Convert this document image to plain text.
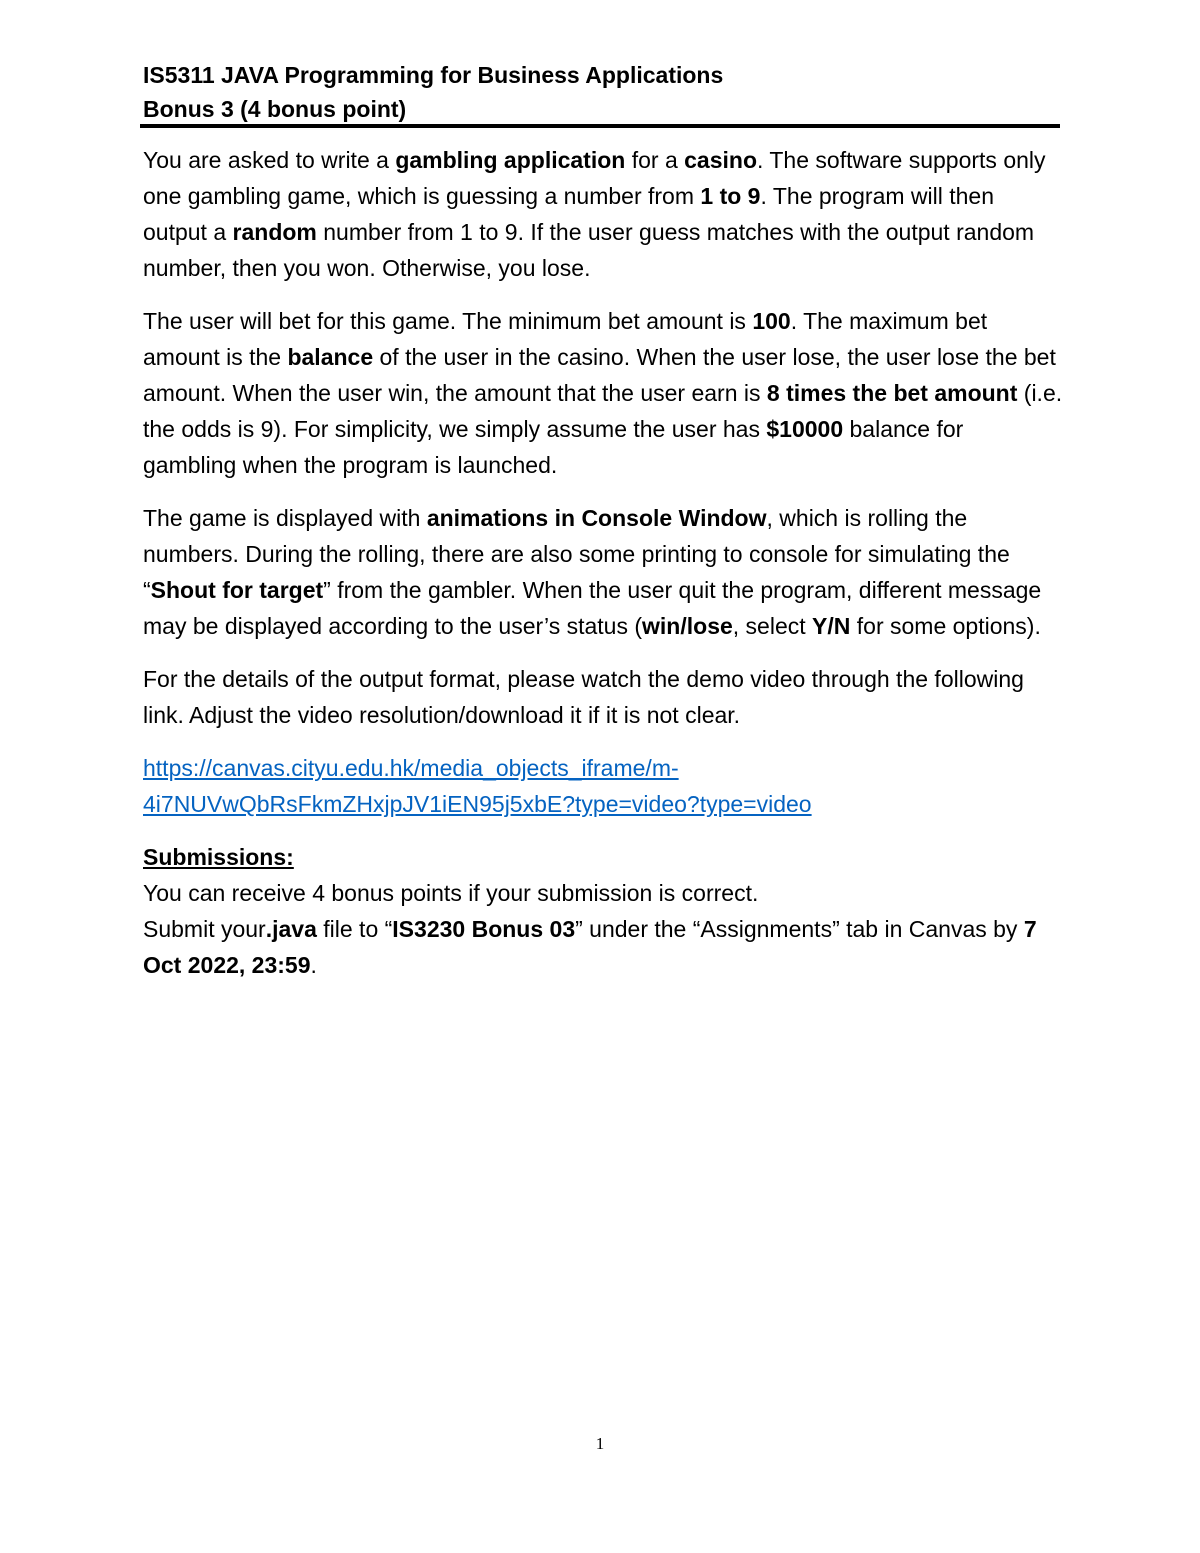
IS5311 JAVA Programming for Business Applications
Bonus 3 (4 bonus point)

You are asked to write a gambling application for a casino. The software supports only one gambling game, which is guessing a number from 1 to 9. The program will then output a random number from 1 to 9. If the user guess matches with the output random number, then you won. Otherwise, you lose.

The user will bet for this game. The minimum bet amount is 100. The maximum bet amount is the balance of the user in the casino. When the user lose, the user lose the bet amount. When the user win, the amount that the user earn is 8 times the bet amount (i.e. the odds is 9). For simplicity, we simply assume the user has $10000 balance for gambling when the program is launched.

The game is displayed with animations in Console Window, which is rolling the numbers. During the rolling, there are also some printing to console for simulating the “Shout for target” from the gambler. When the user quit the program, different message may be displayed according to the user’s status (win/lose, select Y/N for some options).

For the details of the output format, please watch the demo video through the following link. Adjust the video resolution/download it if it is not clear.

https://canvas.cityu.edu.hk/media_objects_iframe/m-
4i7NUVwQbRsFkmZHxjpJV1iEN95j5xbE?type=video?type=video

Submissions:

You can receive 4 bonus points if your submission is correct.

Submit your.java file to “IS3230 Bonus 03” under the “Assignments” tab in Canvas by 7 Oct 2022, 23:59.

1
